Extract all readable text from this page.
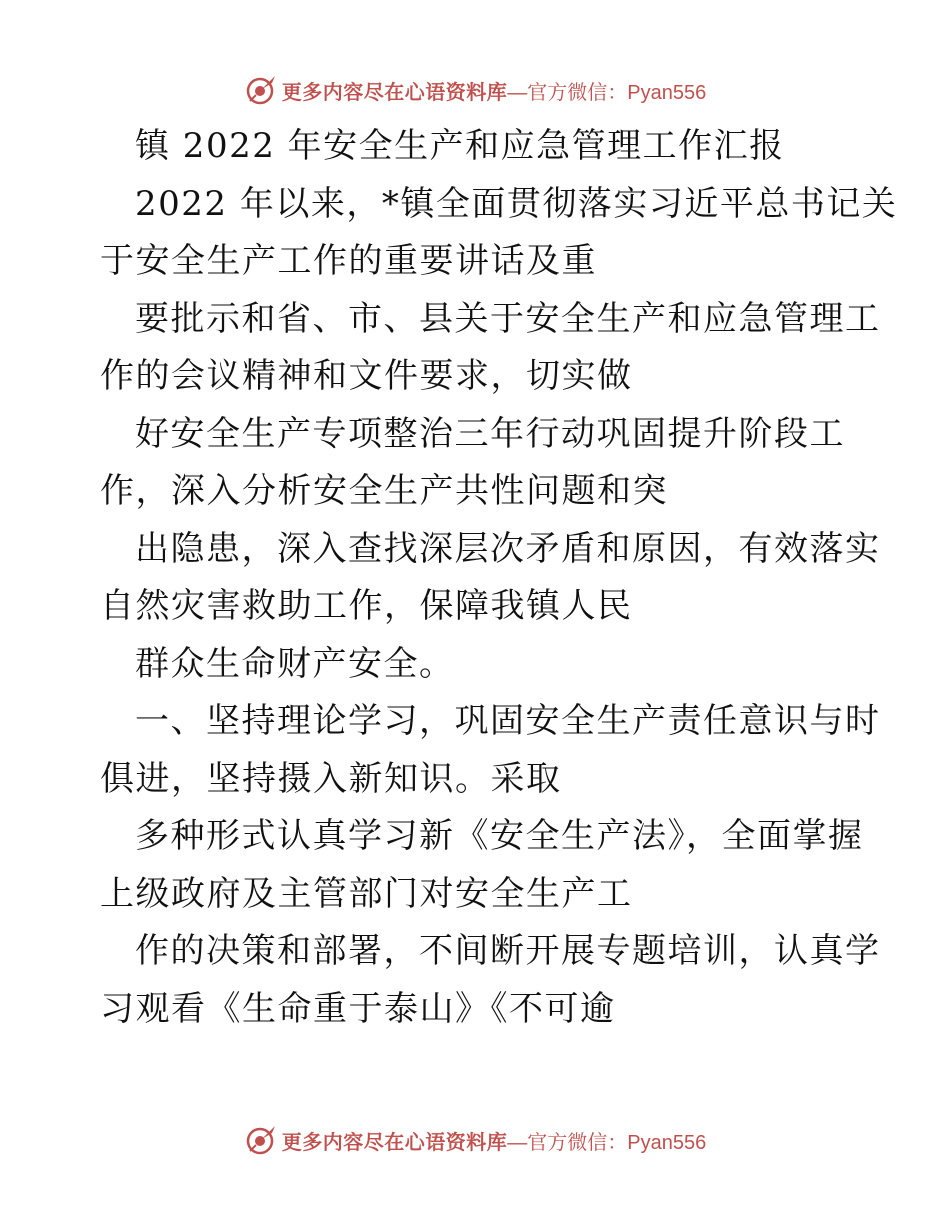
更多内容尽在心语资料库 —官方微信：Pyan556
镇 2022 年安全生产和应急管理工作汇报
2022 年以来，*镇全面贯彻落实习近平总书记关
于安全生产工作的重要讲话及重
要批示和省、市、县关于安全生产和应急管理工
作的会议精神和文件要求，切实做
好安全生产专项整治三年行动巩固提升阶段工
作，深入分析安全生产共性问题和突
出隐患，深入查找深层次矛盾和原因，有效落实
自然灾害救助工作，保障我镇人民
群众生命财产安全。
一、坚持理论学习，巩固安全生产责任意识与时
俱进，坚持摄入新知识。采取
多种形式认真学习新《安全生产法》，全面掌握
上级政府及主管部门对安全生产工
作的决策和部署，不间断开展专题培训，认真学
习观看《生命重于泰山》《不可逾
更多内容尽在心语资料库 —官方微信：Pyan556
